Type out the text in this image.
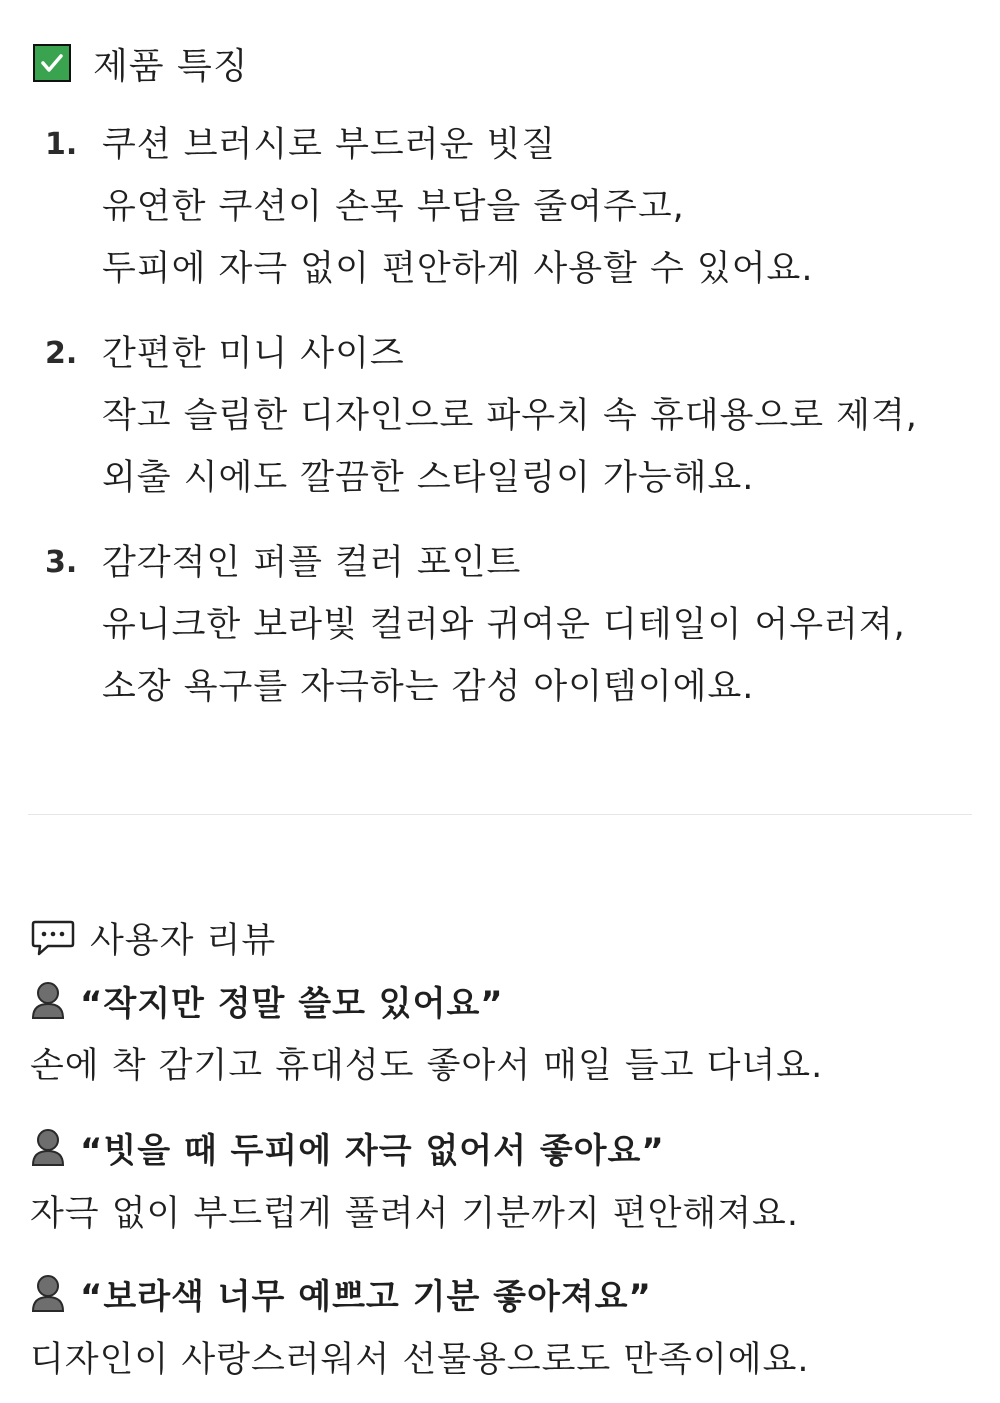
제품 특징
1. 쿠션 브러시로 부드러운 빗질
유연한 쿠션이 손목 부담을 줄여주고,
두피에 자극 없이 편안하게 사용할 수 있어요.
2. 간편한 미니 사이즈
작고 슬림한 디자인으로 파우치 속 휴대용으로 제격,
외출 시에도 깔끔한 스타일링이 가능해요.
3. 감각적인 퍼플 컬러 포인트
유니크한 보라빛 컬러와 귀여운 디테일이 어우러져,
소장 욕구를 자극하는 감성 아이템이에요.
사용자 리뷰
“작지만 정말 쓸모 있어요”
손에 착 감기고 휴대성도 좋아서 매일 들고 다녀요.
“빗을 때 두피에 자극 없어서 좋아요”
자극 없이 부드럽게 풀려서 기분까지 편안해져요.
“보라색 너무 예쁘고 기분 좋아져요”
디자인이 사랑스러워서 선물용으로도 만족이에요.
